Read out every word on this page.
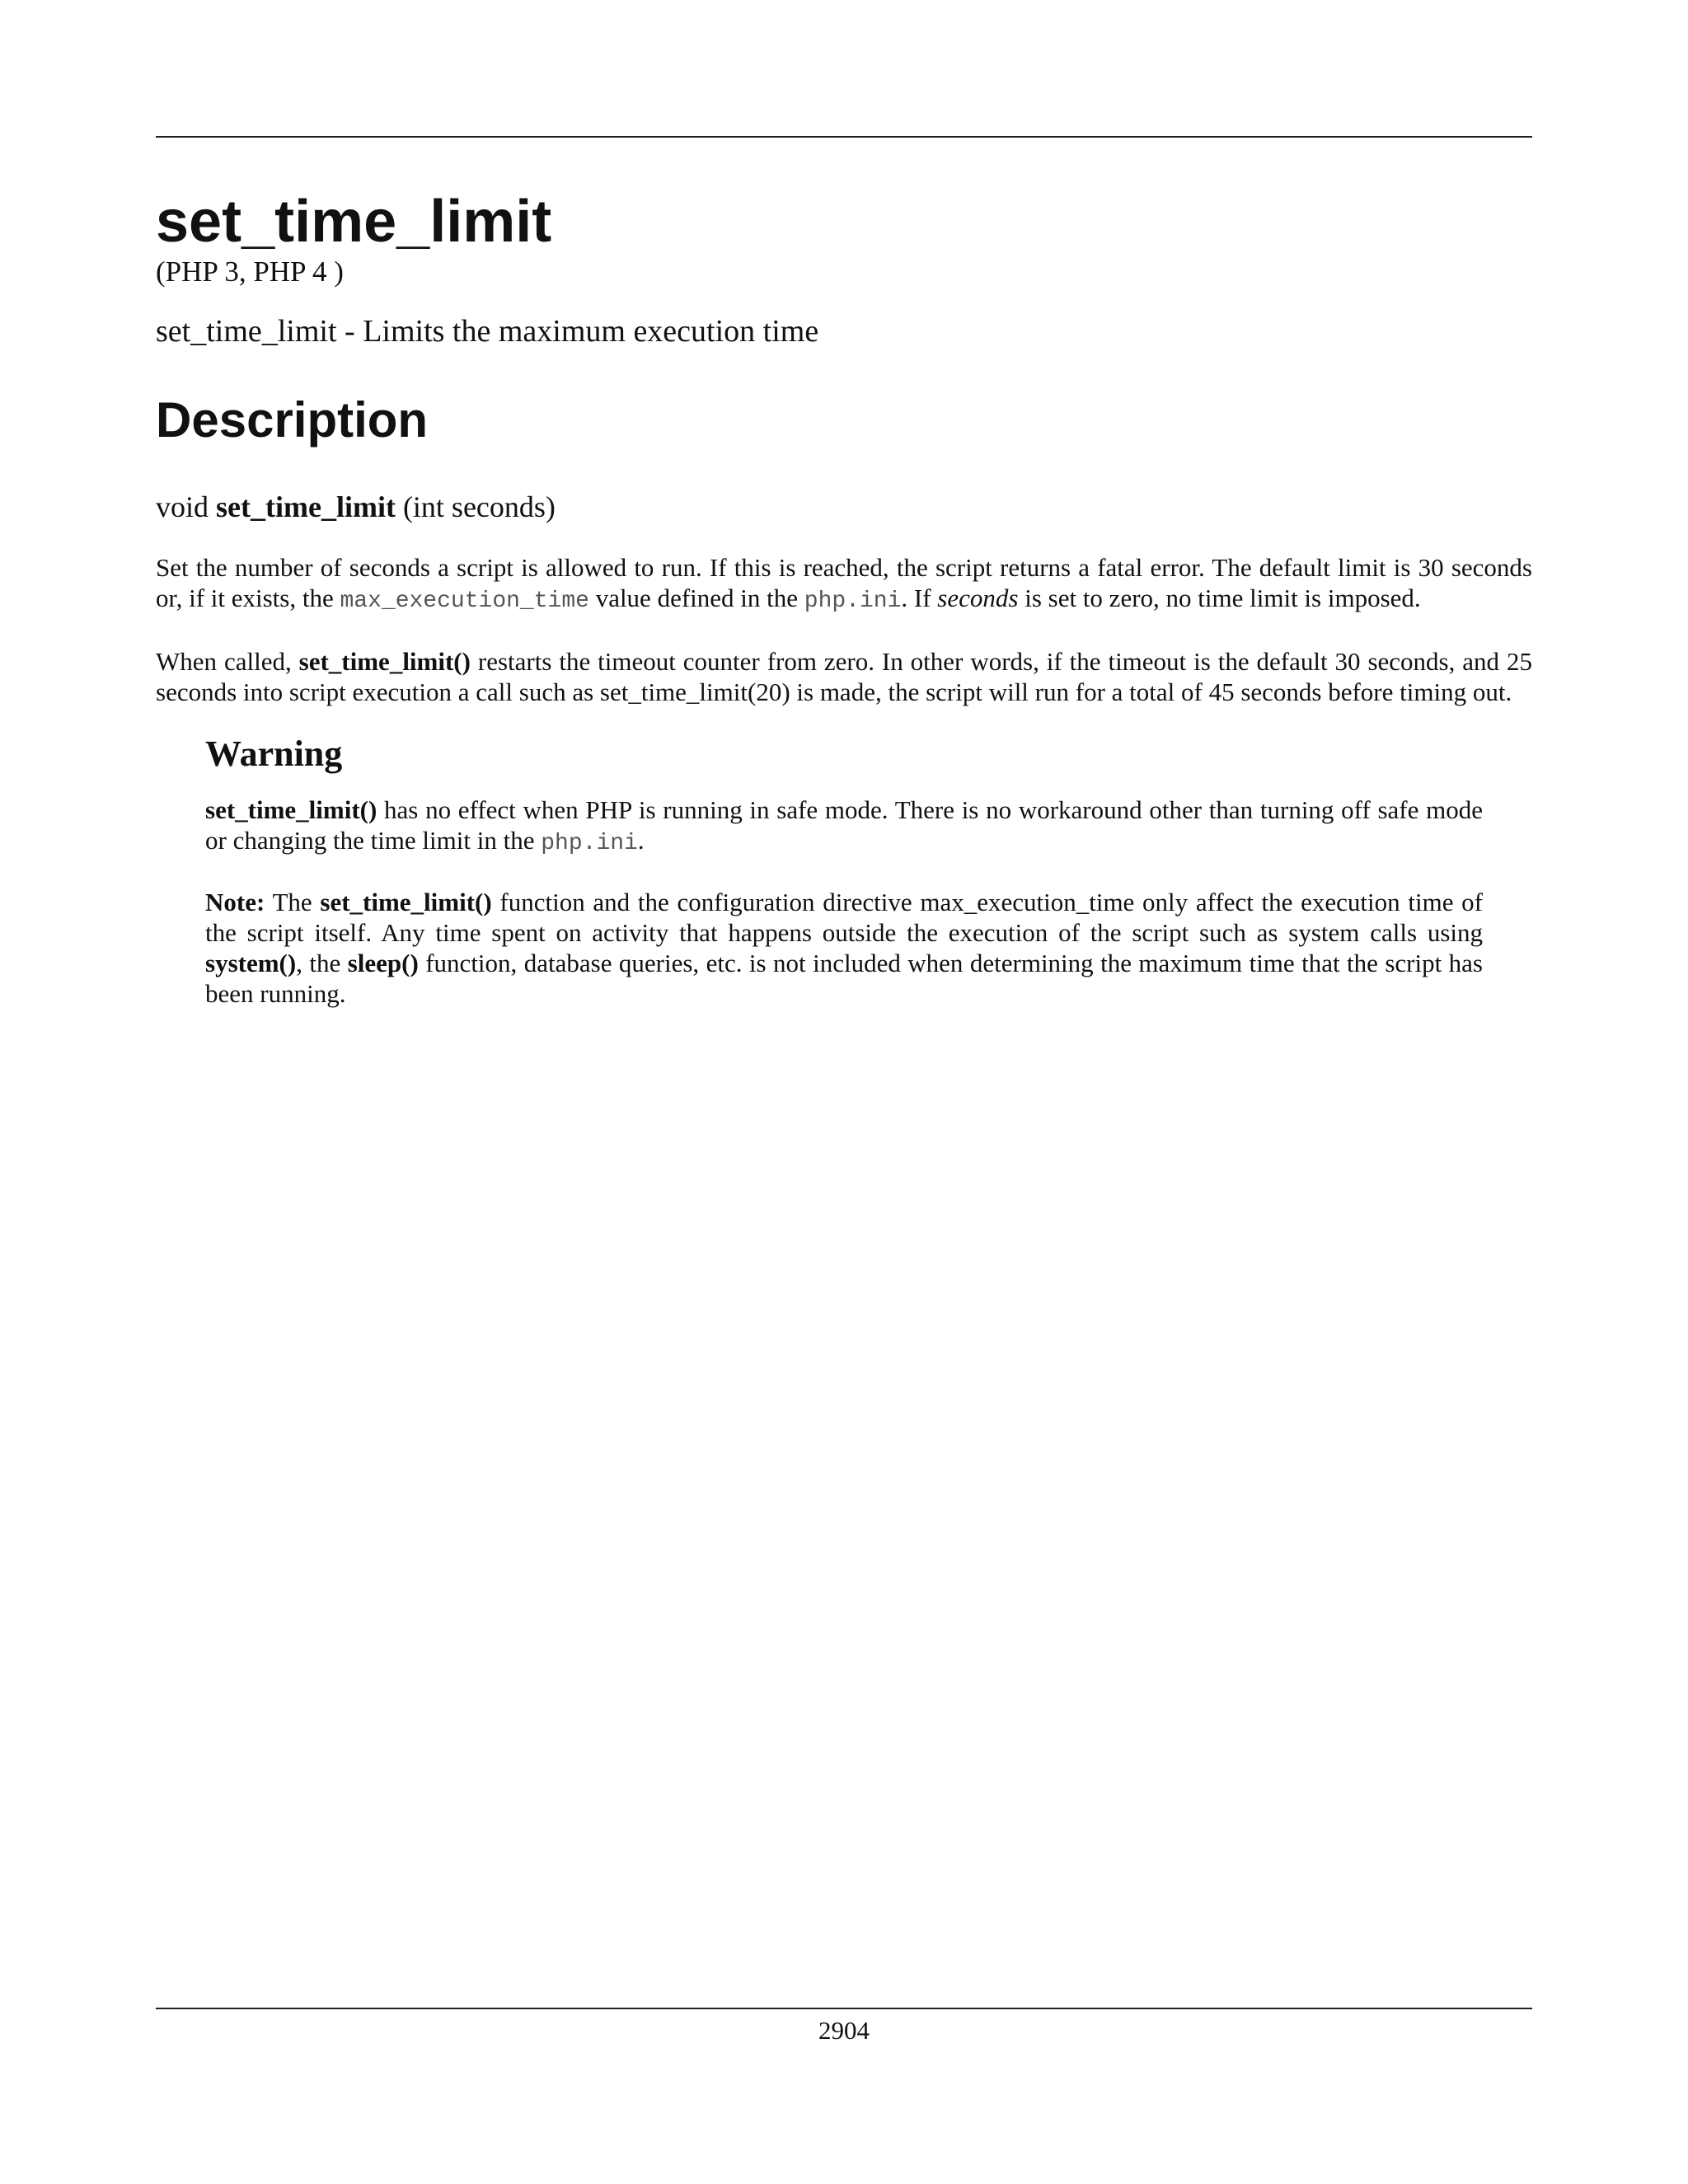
set_time_limit

(PHP 3, PHP 4 )

set_time_limit - Limits the maximum execution time

Description

void set_time_limit (int seconds)

Set the number of seconds a script is allowed to run. If this is reached, the script returns a fatal error. The default limit is 30 seconds or, if it exists, the max_execution_time value defined in the php.ini. If seconds is set to zero, no time limit is imposed.

When called, set_time_limit() restarts the timeout counter from zero. In other words, if the timeout is the default 30 seconds, and 25 seconds into script execution a call such as set_time_limit(20) is made, the script will run for a total of 45 seconds before timing out.

Warning

set_time_limit() has no effect when PHP is running in safe mode. There is no workaround other than turning off safe mode or changing the time limit in the php.ini.

Note: The set_time_limit() function and the configuration directive max_execution_time only affect the execution time of the script itself. Any time spent on activity that happens outside the execution of the script such as system calls using system(), the sleep() function, database queries, etc. is not included when determining the maximum time that the script has been running.

2904
